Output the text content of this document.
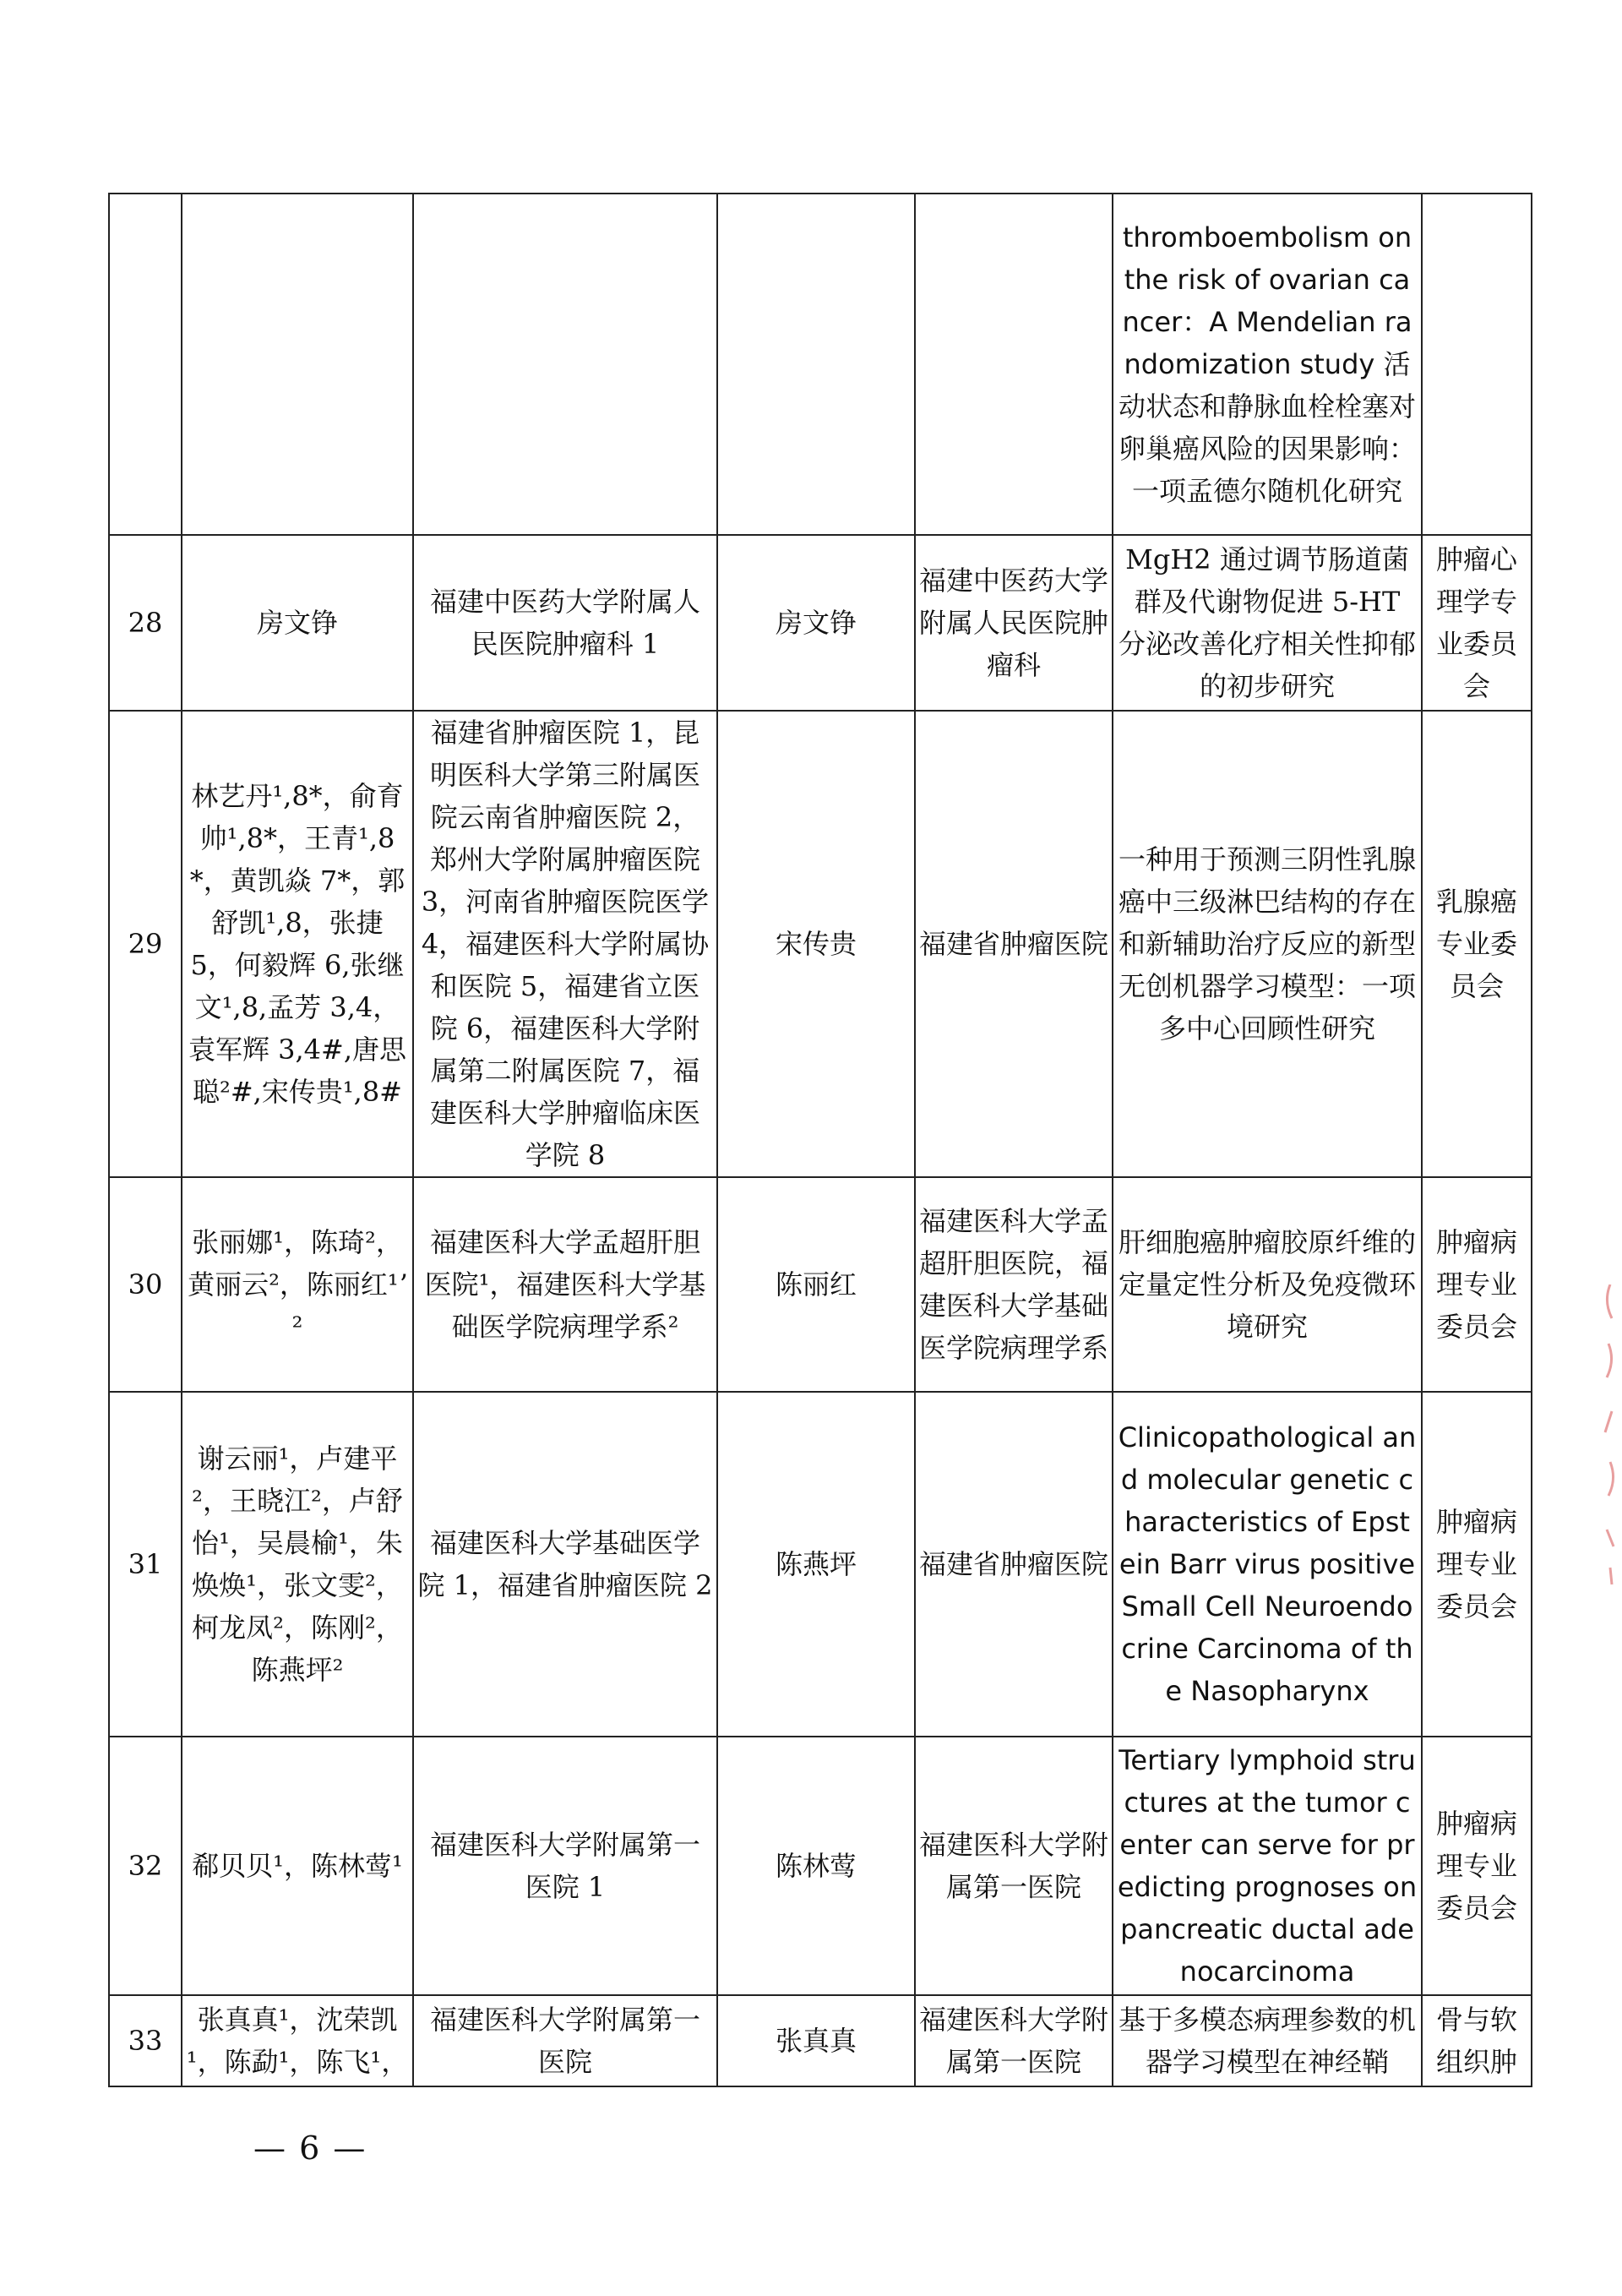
					thromboembolism on the risk of ovarian cancer：A Mendelian randomization study 活动状态和静脉血栓栓塞对卵巢癌风险的因果影响：一项孟德尔随机化研究	
28	房文铮	福建中医药大学附属人民医院肿瘤科 1	房文铮	福建中医药大学附属人民医院肿瘤科	MgH2 通过调节肠道菌群及代谢物促进 5-HT 分泌改善化疗相关性抑郁的初步研究	肿瘤心理学专业委员会
29	林艺丹¹,8*，俞育帅¹,8*，王青¹,8*，黄凯焱 7*，郭舒凯¹,8，张捷 5，何毅辉 6,张继文¹,8,孟芳 3,4，袁军辉 3,4#,唐思聪²#,宋传贵¹,8#	福建省肿瘤医院 1，昆明医科大学第三附属医院云南省肿瘤医院 2，郑州大学附属肿瘤医院 3，河南省肿瘤医院医学 4，福建医科大学附属协和医院 5，福建省立医院 6，福建医科大学附属第二附属医院 7，福建医科大学肿瘤临床医学院 8	宋传贵	福建省肿瘤医院	一种用于预测三阴性乳腺癌中三级淋巴结构的存在和新辅助治疗反应的新型无创机器学习模型：一项多中心回顾性研究	乳腺癌专业委员会
30	张丽娜¹，陈琦²，黄丽云²，陈丽红¹ʼ²	福建医科大学孟超肝胆医院¹，福建医科大学基础医学院病理学系²	陈丽红	福建医科大学孟超肝胆医院，福建医科大学基础医学院病理学系	肝细胞癌肿瘤胶原纤维的定量定性分析及免疫微环境研究	肿瘤病理专业委员会
31	谢云丽¹，卢建平²，王晓江²，卢舒怡¹，吴晨榆¹，朱焕焕¹，张文雯²，柯龙凤²，陈刚²，陈燕坪²	福建医科大学基础医学院 1，福建省肿瘤医院 2	陈燕坪	福建省肿瘤医院	Clinicopathological and molecular genetic characteristics of Epstein Barr virus positive Small Cell Neuroendocrine Carcinoma of the Nasopharynx	肿瘤病理专业委员会
32	郗贝贝¹，陈林莺¹	福建医科大学附属第一医院 1	陈林莺	福建医科大学附属第一医院	Tertiary lymphoid structures at the tumor center can serve for predicting prognoses on pancreatic ductal adenocarcinoma	肿瘤病理专业委员会
33	张真真¹，沈荣凯¹，陈勐¹，陈飞¹，	福建医科大学附属第一医院	张真真	福建医科大学附属第一医院	基于多模态病理参数的机器学习模型在神经鞘	骨与软组织肿
— 6 —
